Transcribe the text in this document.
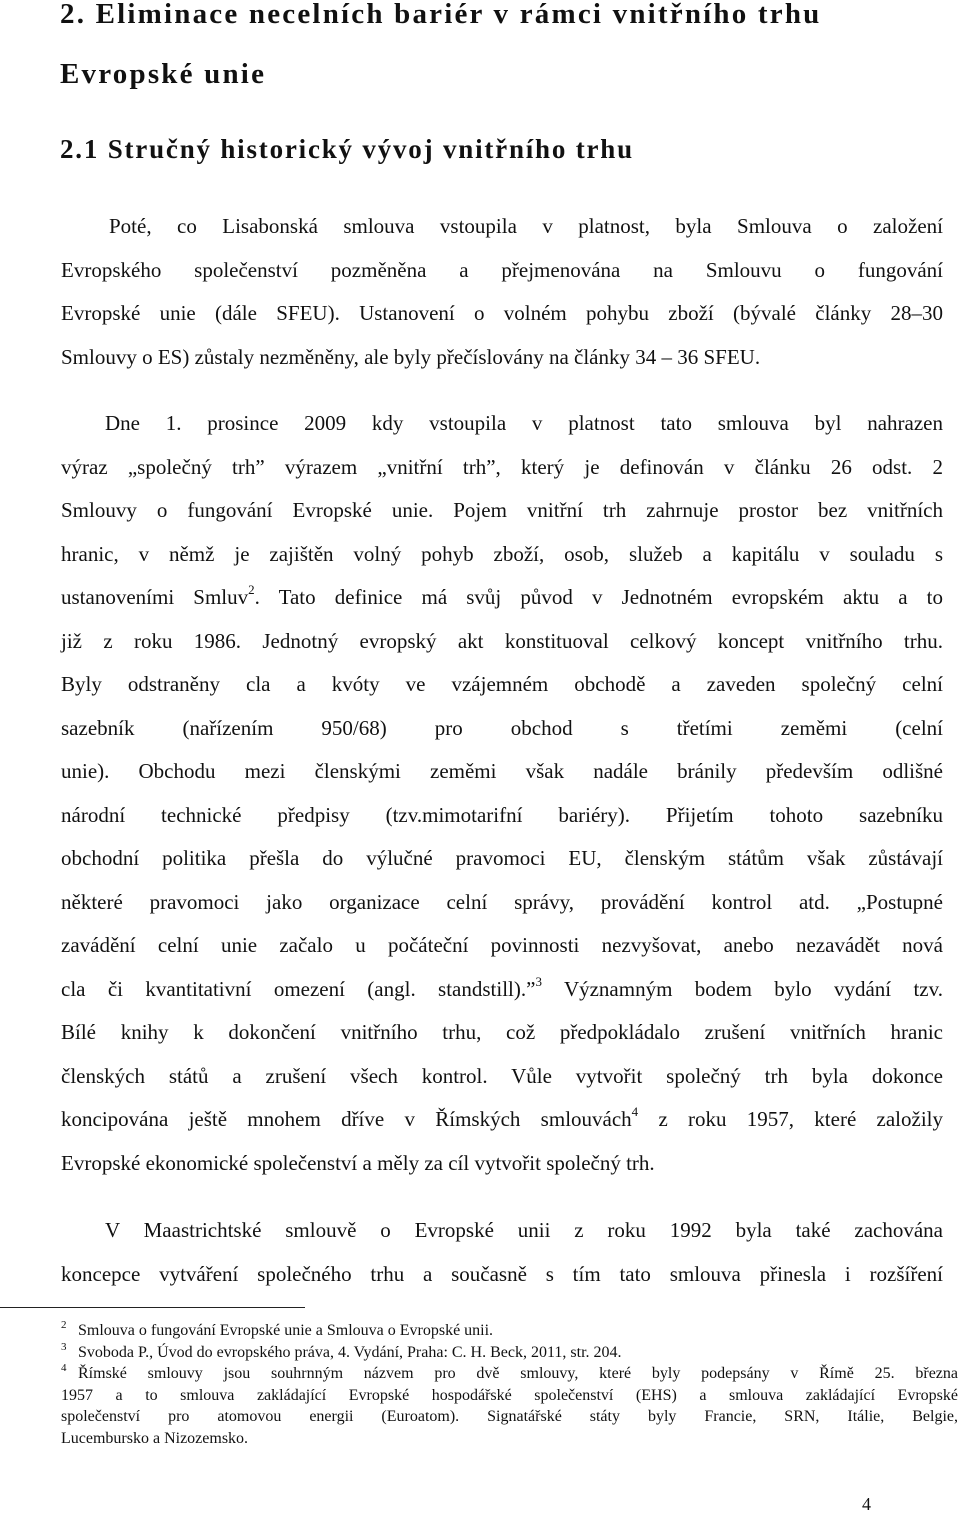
2. Eliminace necelních bariér v rámci vnitřního trhu
Evropské unie
2.1 Stručný historický vývoj vnitřního trhu
Poté, co Lisabonská smlouva vstoupila v platnost, byla Smlouva o založení
Evropského společenství pozměněna a přejmenována na Smlouvu o fungování
Evropské unie (dále SFEU). Ustanovení o volném pohybu zboží (bývalé články 28–30
Smlouvy o ES) zůstaly nezměněny, ale byly přečíslovány na články 34 – 36 SFEU.
Dne 1. prosince 2009 kdy vstoupila v platnost tato smlouva byl nahrazen
výraz „společný trh” výrazem „vnitřní trh”, který je definován v článku 26 odst. 2
Smlouvy o fungování Evropské unie. Pojem vnitřní trh zahrnuje prostor bez vnitřních
hranic, v němž je zajištěn volný pohyb zboží, osob, služeb a kapitálu v souladu s
ustanoveními Smluv$^2$. Tato definice má svůj původ v Jednotném evropském aktu a to
již z roku 1986. Jednotný evropský akt konstituoval celkový koncept vnitřního trhu.
Byly odstraněny cla a kvóty ve vzájemném obchodě a zaveden společný celní
sazebník (nařízením 950/68) pro obchod s třetími zeměmi (celní
unie). Obchodu mezi členskými zeměmi však nadále bránily především odlišné
národní technické předpisy (tzv.mimotarifní bariéry). Přijetím tohoto sazebníku
obchodní politika přešla do výlučné pravomoci EU, členským státům však zůstávají
některé pravomoci jako organizace celní správy, provádění kontrol atd. „Postupné
zavádění celní unie začalo u počáteční povinnosti nezvyšovat, anebo nezavádět nová
cla či kvantitativní omezení (angl. standstill).”$^3$ Významným bodem bylo vydání tzv.
Bílé knihy k dokončení vnitřního trhu, což předpokládalo zrušení vnitřních hranic
členských států a zrušení všech kontrol. Vůle vytvořit společný trh byla dokonce
koncipována ještě mnohem dříve v Římských smlouvách$^4$ z roku 1957, které založily
Evropské ekonomické společenství a měly za cíl vytvořit společný trh.
V Maastrichtské smlouvě o Evropské unii z roku 1992 byla také zachována
koncepce vytváření společného trhu a současně s tím tato smlouva přinesla i rozšíření
2 Smlouva o fungování Evropské unie a Smlouva o Evropské unii.
3 Svoboda P., Úvod do evropského práva, 4. Vydání, Praha: C. H. Beck, 2011, str. 204.
4 Římské smlouvy jsou souhrnným názvem pro dvě smlouvy, které byly podepsány v Římě 25. března
1957 a to smlouva zakládající Evropské hospodářské společenství (EHS) a smlouva zakládající Evropské
společenství pro atomovou energii (Euroatom). Signatářské státy byly Francie, SRN, Itálie, Belgie,
Lucembursko a Nizozemsko.
4
